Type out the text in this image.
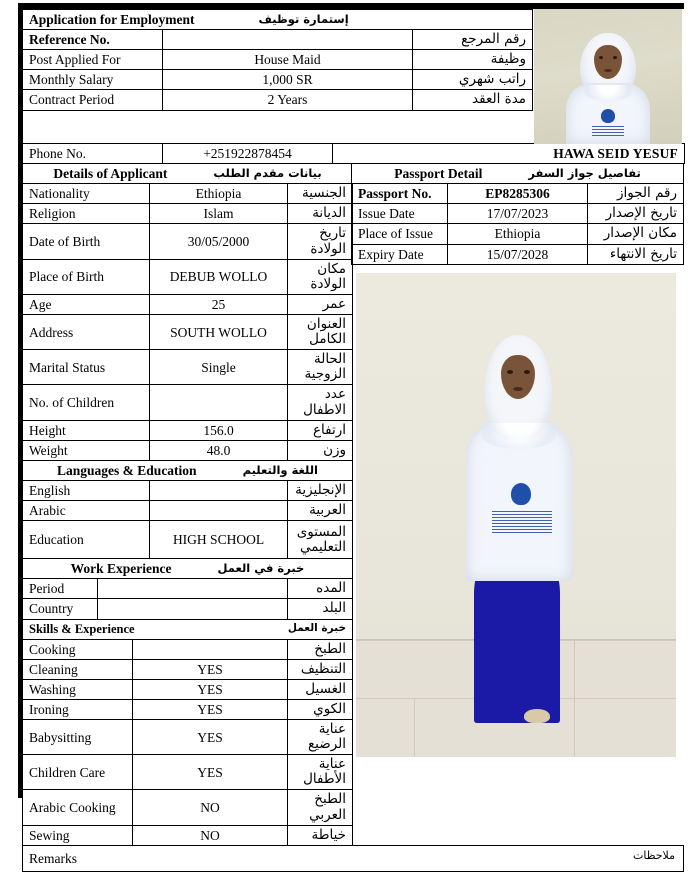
Application for Employment إستمارة توظيف		

Reference No.		رقم المرجع
Post Applied For	House Maid	وظيفة
Monthly Salary	1,000 SR	راتب شهري
Contract Period	2 Years	مدة العقد
Phone No.	+251922878454	HAWA SEID YESUF
Details of Applicant بيانات مقدم الطلب		

Nationality	Ethiopia	الجنسية
Religion	Islam	الديانة
Date of Birth	30/05/2000	تاريخ الولادة
Place of Birth	DEBUB WOLLO	مكان الولادة
Age	25	عمر
Address	SOUTH WOLLO	العنوان الكامل
Marital Status	Single	الحالة الزوجية
No. of Children		عدد الاطفال
Height	156.0	ارتفاع
Weight	48.0	وزن
Languages & Education اللغة والتعليم		

English		الإنجليزية
Arabic		العربية
Education	HIGH SCHOOL	المستوى التعليمي
Work Experience خبرة في العمل		

Period		المده
Country		البلد
Skills & Experience خبرة العمل		

Cooking		الطبخ
Cleaning	YES	التنظيف
Washing	YES	الغسيل
Ironing	YES	الكوي
Babysitting	YES	عناية الرضيع
Children Care	YES	عناية الأطفال
Arabic Cooking	NO	الطبخ العربي
Sewing	NO	خياطة
Passport Detail تفاصيل جواز السفر		

Passport No.	EP8285306	رقم الجواز
Issue Date	17/07/2023	تاريخ الإصدار
Place of Issue	Ethiopia	مكان الإصدار
Expiry Date	15/07/2028	تاريخ الانتهاء
Remarks	ملاحظات
